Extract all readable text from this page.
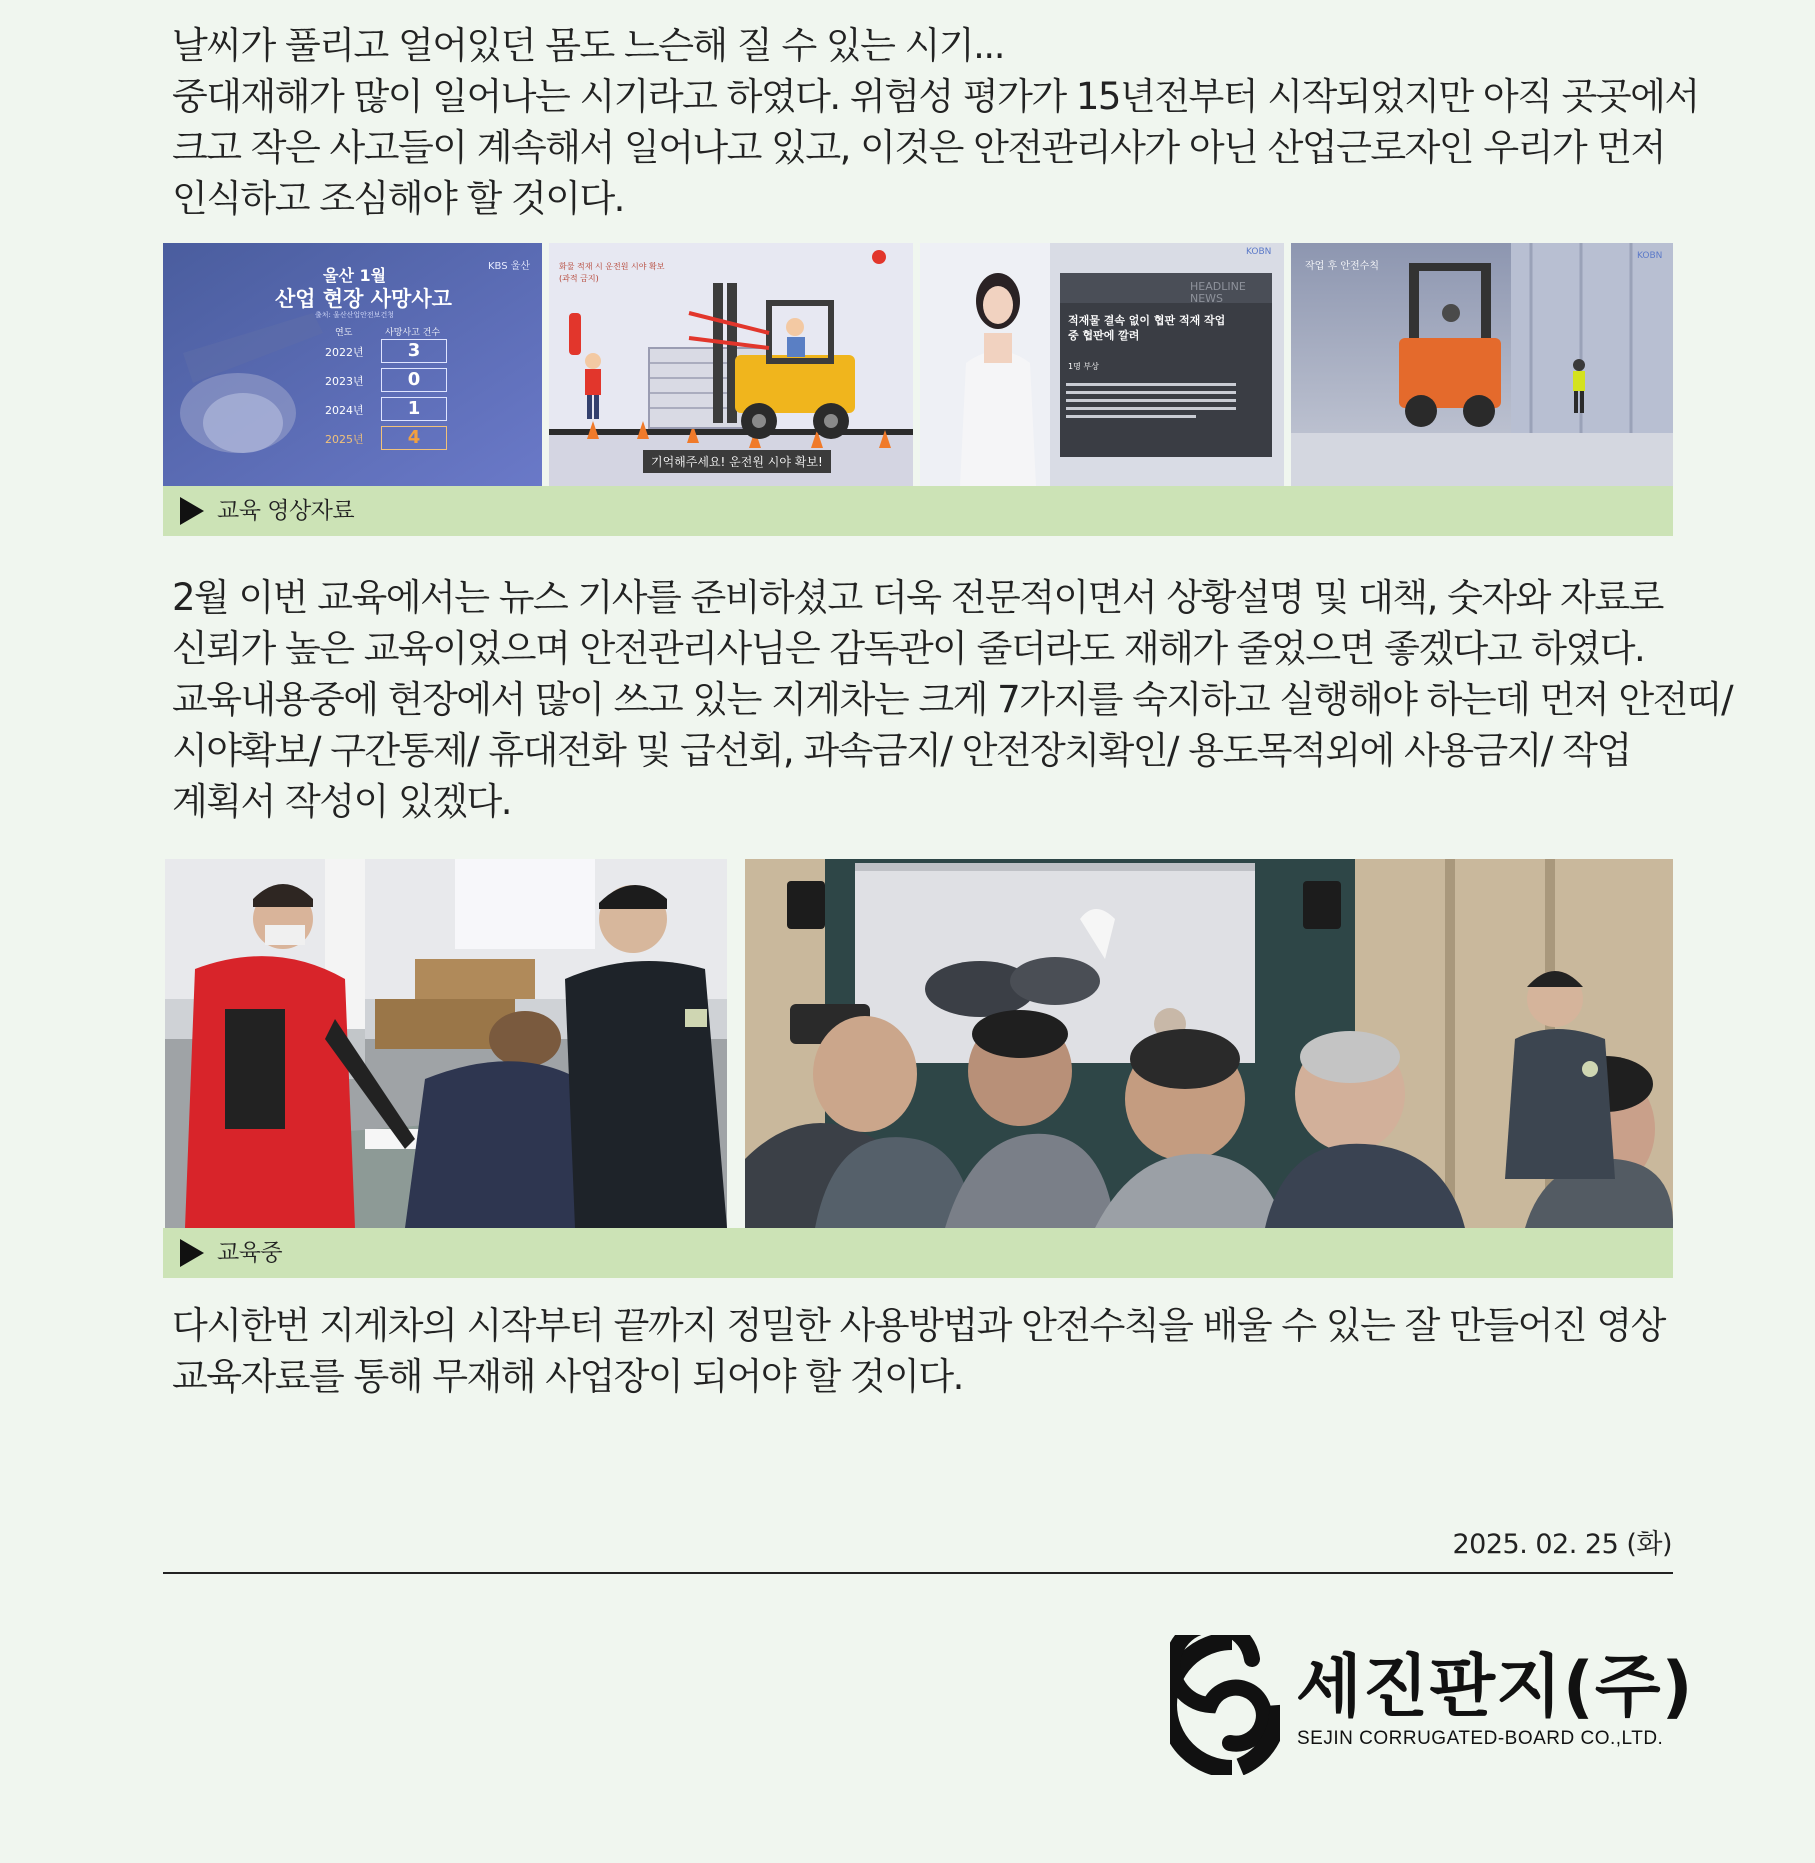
날씨가 풀리고 얼어있던 몸도 느슨해 질 수 있는 시기...
중대재해가 많이 일어나는 시기라고 하였다. 위험성 평가가 15년전부터 시작되었지만 아직 곳곳에서
크고 작은 사고들이 계속해서 일어나고 있고, 이것은 안전관리사가 아닌 산업근로자인 우리가 먼저
인식하고 조심해야 할 것이다.

KBS 울산
울산 1월
산업 현장 사망사고
출처: 울산산업안전보건청
연도	사망사고 건수
2022년	3
2023년	0
2024년	1
2025년	4
화물 적재 시 운전원 시야 확보
(과적 금지)
기억해주세요! 운전원 시야 확보!
KOBN
HEADLINE NEWS
적재물 결속 없이 협판 적재 작업 중 협판에 깔려
1명 부상
KOBN
작업 후 안전수칙
교육 영상자료

2월 이번 교육에서는 뉴스 기사를 준비하셨고 더욱 전문적이면서 상황설명 및 대책, 숫자와 자료로
신뢰가 높은 교육이었으며 안전관리사님은 감독관이 줄더라도 재해가 줄었으면 좋겠다고 하였다.
교육내용중에 현장에서 많이 쓰고 있는 지게차는 크게 7가지를 숙지하고 실행해야 하는데 먼저 안전띠/
시야확보/ 구간통제/ 휴대전화 및 급선회, 과속금지/ 안전장치확인/ 용도목적외에 사용금지/ 작업
계획서 작성이 있겠다.

교육중

다시한번 지게차의 시작부터 끝까지 정밀한 사용방법과 안전수칙을 배울 수 있는 잘 만들어진 영상
교육자료를 통해 무재해 사업장이 되어야 할 것이다.

2025. 02. 25 (화)
세진판지(주)
SEJIN CORRUGATED-BOARD CO.,LTD.
